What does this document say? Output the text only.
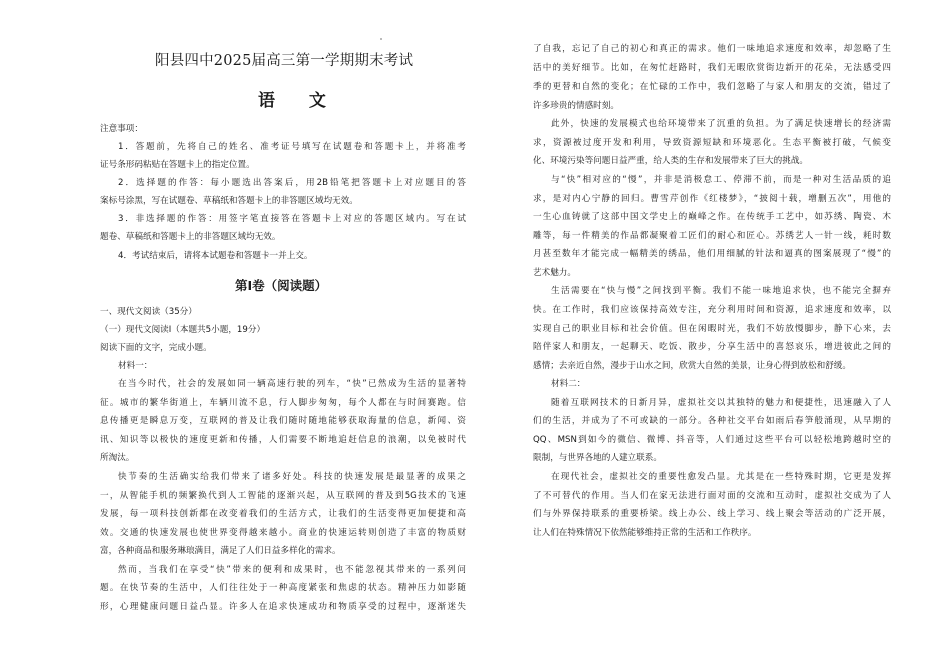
阳县四中2025届高三第一学期期末考试
语 文
注意事项：
1．答题前，先将自己的姓名、准考证号填写在试题卷和答题卡上，并将准考
证号条形码粘贴在答题卡上的指定位置。
2．选择题的作答：每小题选出答案后，用2B铅笔把答题卡上对应题目的答
案标号涂黑，写在试题卷、草稿纸和答题卡上的非答题区域均无效。
3．非选择题的作答：用签字笔直接答在答题卡上对应的答题区域内。写在试
题卷、草稿纸和答题卡上的非答题区域均无效。
4．考试结束后，请将本试题卷和答题卡一并上交。
一、现代文阅读（35分）
（一）现代文阅读Ⅰ（本题共5小题，19分）
阅读下面的文字，完成小题。
材料一：
在当今时代，社会的发展如同一辆高速行驶的列车，“快”已然成为生活的显著特
征。城市的繁华街道上，车辆川流不息，行人脚步匆匆，每个人都在与时间赛跑。信
息传播更是瞬息万变，互联网的普及让我们随时随地能够获取海量的信息，新闻、资
讯、知识等以极快的速度更新和传播，人们需要不断地追赶信息的浪潮，以免被时代
所淘汰。
快节奏的生活确实给我们带来了诸多好处。科技的快速发展是最显著的成果之
一，从智能手机的频繁换代到人工智能的逐渐兴起，从互联网的普及到5G技术的飞速
发展，每一项科技创新都在改变着我们的生活方式，让我们的生活变得更加便捷和高
效。交通的快速发展也使世界变得越来越小。商业的快速运转则创造了丰富的物质财
富，各种商品和服务琳琅满目，满足了人们日益多样化的需求。
然而，当我们在享受“快”带来的便利和成果时，也不能忽视其带来的一系列问
题。在快节奏的生活中，人们往往处于一种高度紧张和焦虑的状态。精神压力如影随
形，心理健康问题日益凸显。许多人在追求快速成功和物质享受的过程中，逐渐迷失
第Ⅰ卷（阅读题）
了自我，忘记了自己的初心和真正的需求。他们一味地追求速度和效率，却忽略了生
活中的美好细节。比如，在匆忙赶路时，我们无暇欣赏街边新开的花朵，无法感受四
季的更替和自然的变化；在忙碌的工作中，我们忽略了与家人和朋友的交流，错过了
许多珍贵的情感时刻。
此外，快速的发展模式也给环境带来了沉重的负担。为了满足快速增长的经济需
求，资源被过度开发和利用，导致资源短缺和环境恶化。生态平衡被打破，气候变
化、环境污染等问题日益严重，给人类的生存和发展带来了巨大的挑战。
与“快”相对应的“慢”，并非是消极怠工、停滞不前，而是一种对生活品质的追
求，是对内心宁静的回归。曹雪芹创作《红楼梦》，“披阅十载，增删五次”，用他的
一生心血铸就了这部中国文学史上的巅峰之作。在传统手工艺中，如苏绣、陶瓷、木
雕等，每一件精美的作品都凝聚着工匠们的耐心和匠心。苏绣艺人一针一线，耗时数
月甚至数年才能完成一幅精美的绣品，他们用细腻的针法和逼真的图案展现了“慢”的
艺术魅力。
生活需要在“快与慢”之间找到平衡。我们不能一味地追求快，也不能完全摒弃
快。在工作时，我们应该保持高效专注，充分利用时间和资源，追求速度和效率，以
实现自己的职业目标和社会价值。但在闲暇时光，我们不妨放慢脚步，静下心来，去
陪伴家人和朋友，一起聊天、吃饭、散步，分享生活中的喜怒哀乐，增进彼此之间的
感情；去亲近自然，漫步于山水之间，欣赏大自然的美景，让身心得到放松和舒缓。
材料二：
随着互联网技术的日新月异，虚拟社交以其独特的魅力和便捷性，迅速融入了人
们的生活，并成为了不可或缺的一部分。各种社交平台如雨后春笋般涌现，从早期的
QQ、MSN到如今的微信、微博、抖音等，人们通过这些平台可以轻松地跨越时空的
限制，与世界各地的人建立联系。
在现代社会，虚拟社交的重要性愈发凸显。尤其是在一些特殊时期，它更是发挥
了不可替代的作用。当人们在家无法进行面对面的交流和互动时，虚拟社交成为了人
们与外界保持联系的重要桥梁。线上办公、线上学习、线上聚会等活动的广泛开展，
让人们在特殊情况下依然能够维持正常的生活和工作秩序。
